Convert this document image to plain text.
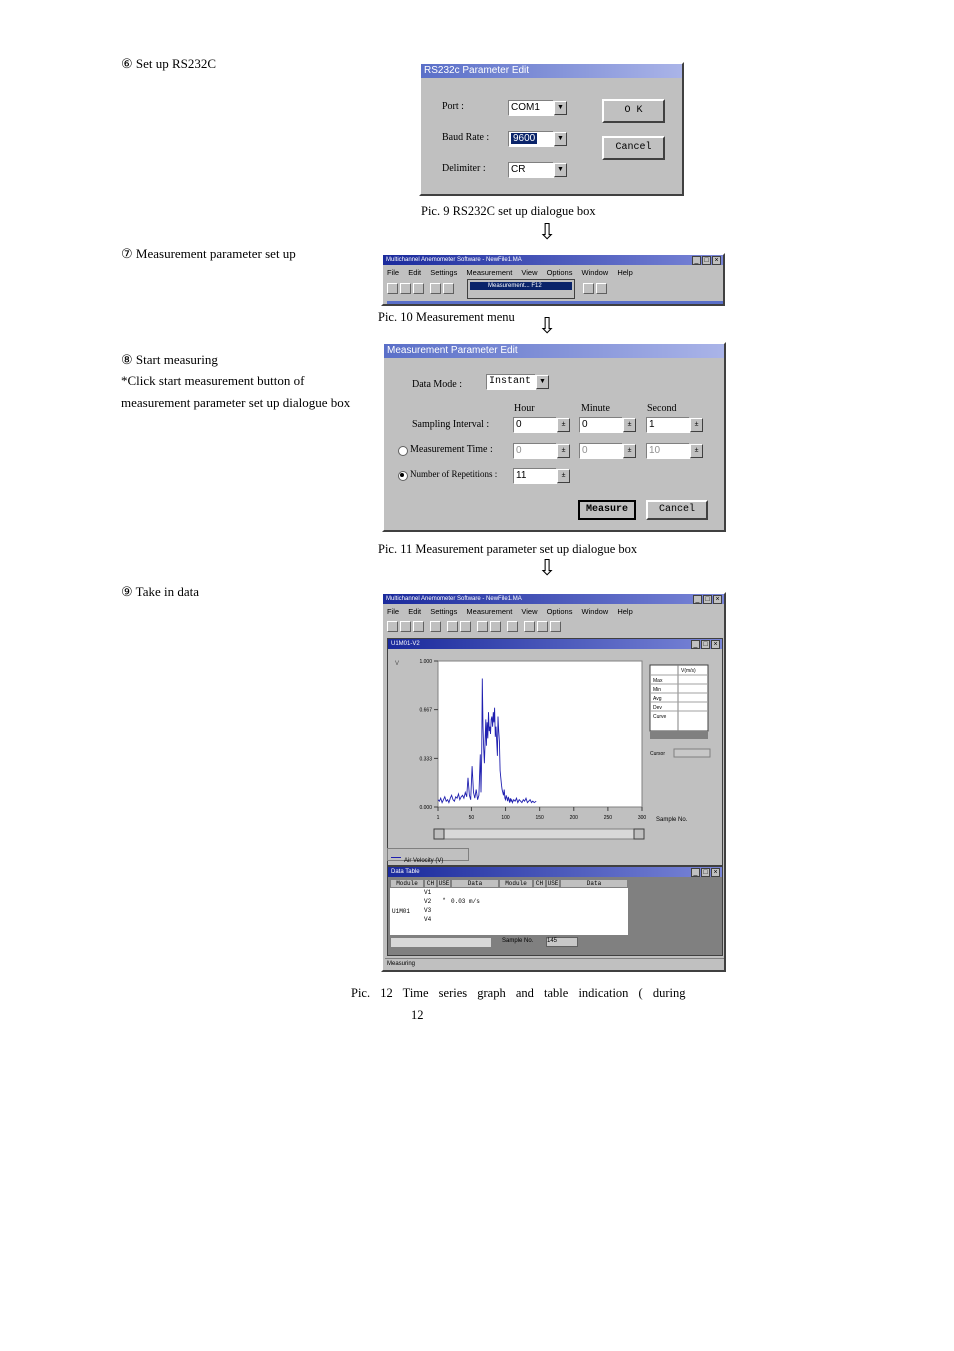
⑥ Set up RS232C
⑦ Measurement parameter set up
⑧ Start measuring
*Click start measurement button of
measurement parameter set up dialogue box
⑨ Take in data
RS232c Parameter Edit
Port :	COM1	▼
Baud Rate :	9600	▼
Delimiter :	CR	▼
O K
Cancel
Pic. 9 RS232C set up dialogue box
⇩
Multichannel Anemometer Software - NewFile1.MA	_ □ ×
File Edit Settings Measurement View Options Window Help
Measurement... F12
Pic. 10 Measurement menu ⇩
Measurement Parameter Edit
Data Mode :	Instant	▼
Hour	Minute	Second
Sampling Interval :	0	±	0	±	1	±
Measurement Time :	0	±	0	±	10	±
Number of Repetitions :	11	±
Measure	Cancel
Pic. 11 Measurement parameter set up dialogue box
⇩
Multichannel Anemometer Software - NewFile1.MA	_ □ ×
File Edit Settings Measurement View Options Window Help
U1M01-V2	_ □ ×
V	1.000
0.667
0.333
0.000
1	50	100	150	200	250	300 Sample No.
V(m/s)
Max
Min
Avg
Dev
Curve
Cursor
Air Velocity (V)
Data Table	_ □ ×
Module	CH USE	Data	Module	CH USE	Data
U1M01
V1
V2	* 0.03 m/s
V3
V4
Sample No. 145
Measuring
Pic. 12 Time series graph and table indication ( during
12
